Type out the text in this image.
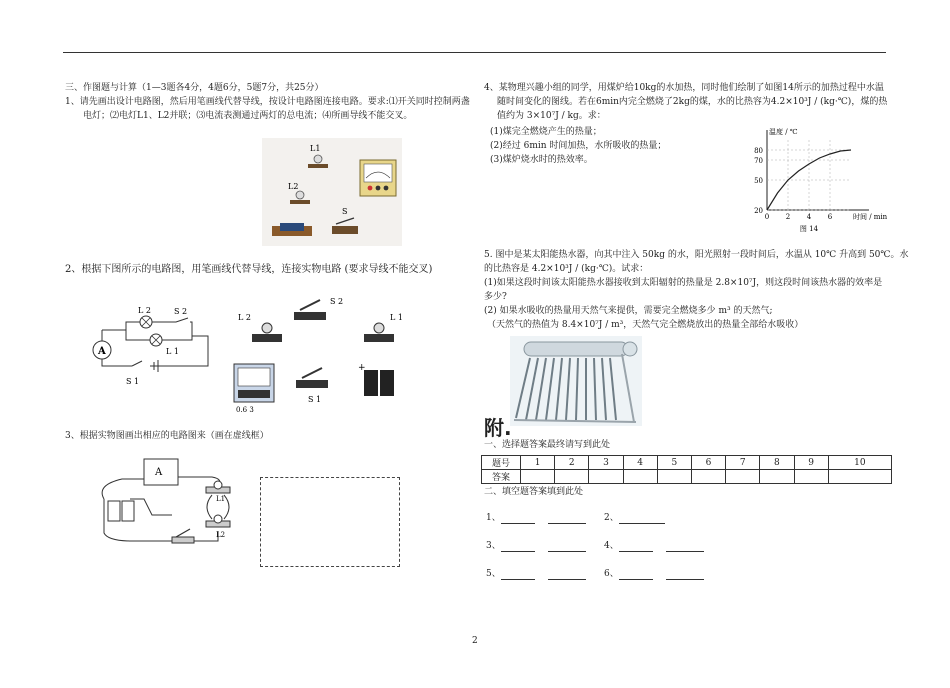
三、作图题与计算（1—3题各4分，4题6分，5题7分，共25分）
1、请先画出设计电路图，然后用笔画线代替导线，按设计电路图连接电路。要求:⑴开关同时控制两盏
电灯；⑵电灯L1、L2并联；⑶电流表测通过两灯的总电流；⑷所画导线不能交叉。
L1
L2
S
2、根据下图所示的电路图，用笔画线代替导线，连接实物电路 (要求导线不能交叉)
A
L 2	S 2
L 1
S 1
S 2
L 2	L 1
0.6 3
S 1
+
3、根据实物图画出相应的电路图来（画在虚线框）
A
L1
L2
4、某物理兴趣小组的同学，用煤炉给10kg的水加热，同时他们绘制了如图14所示的加热过程中水温
随时间变化的图线。若在6min内完全燃烧了2kg的煤，水的比热容为4.2×10³J / (kg·℃)，煤的热
值约为 3×10⁷J / kg。求：
(1)煤完全燃烧产生的热量；
(2)经过 6min 时间加热，水所吸收的热量；
(3)煤炉烧水时的热效率。
20
50
70
80
0 2 4 6
温度 / ℃
时间 / min
图 14
5. 图中是某太阳能热水器，向其中注入 50kg 的水，阳光照射一段时间后，水温从 10℃ 升高到 50℃。水
的比热容是 4.2×10³J / (kg·℃)。试求：
(1)如果这段时间该太阳能热水器接收到太阳辐射的热量是 2.8×10⁷J，则这段时间该热水器的效率是
多少?
(2) 如果水吸收的热量用天然气来提供，需要完全燃烧多少 m³ 的天然气;
（天然气的热值为 8.4×10⁷J / m³，天然气完全燃烧放出的热量全部给水吸收）
附.
一、选择题答案最终请写到此处
题号	1	2	3	4	5	6	7	8	9	10
答案										
二、填空题答案填到此处
1、	2、
3、	4、
5、	6、
2
